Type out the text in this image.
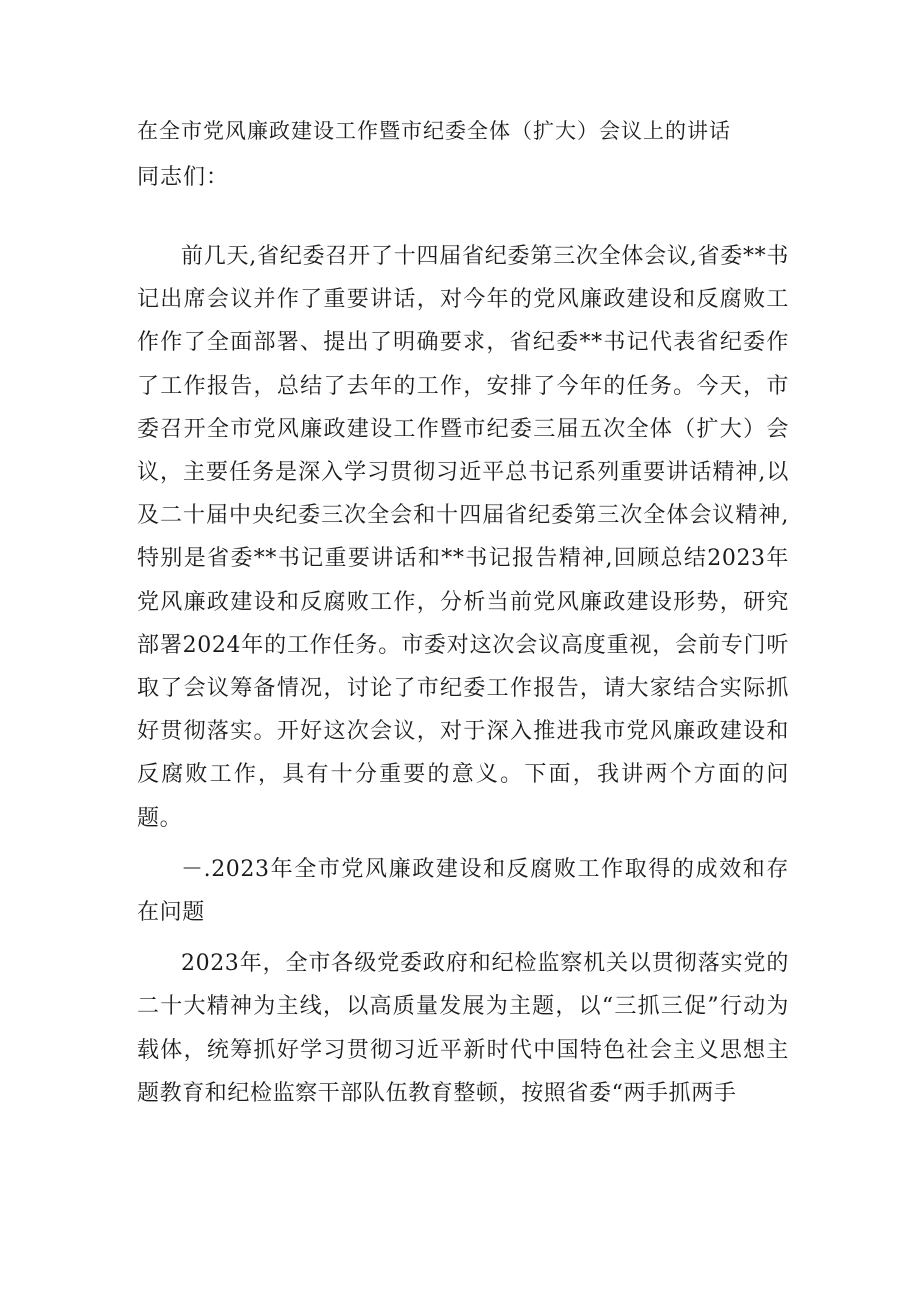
在全市党风廉政建设工作暨市纪委全体（扩大）会议上的讲话
同志们：

前几天,省纪委召开了十四届省纪委第三次全体会议,省委**书记出席会议并作了重要讲话，对今年的党风廉政建设和反腐败工作作了全面部署、提出了明确要求，省纪委**书记代表省纪委作了工作报告，总结了去年的工作，安排了今年的任务。今天，市委召开全市党风廉政建设工作暨市纪委三届五次全体（扩大）会议，主要任务是深入学习贯彻习近平总书记系列重要讲话精神,以及二十届中央纪委三次全会和十四届省纪委第三次全体会议精神,特别是省委**书记重要讲话和**书记报告精神,回顾总结2023年党风廉政建设和反腐败工作，分析当前党风廉政建设形势，研究部署2024年的工作任务。市委对这次会议高度重视，会前专门听取了会议筹备情况，讨论了市纪委工作报告，请大家结合实际抓好贯彻落实。开好这次会议，对于深入推进我市党风廉政建设和反腐败工作，具有十分重要的意义。下面，我讲两个方面的问题。

－.2023年全市党风廉政建设和反腐败工作取得的成效和存在问题

2023年，全市各级党委政府和纪检监察机关以贯彻落实党的二十大精神为主线，以高质量发展为主题，以“三抓三促”行动为载体，统筹抓好学习贯彻习近平新时代中国特色社会主义思想主题教育和纪检监察干部队伍教育整顿，按照省委“两手抓两手
